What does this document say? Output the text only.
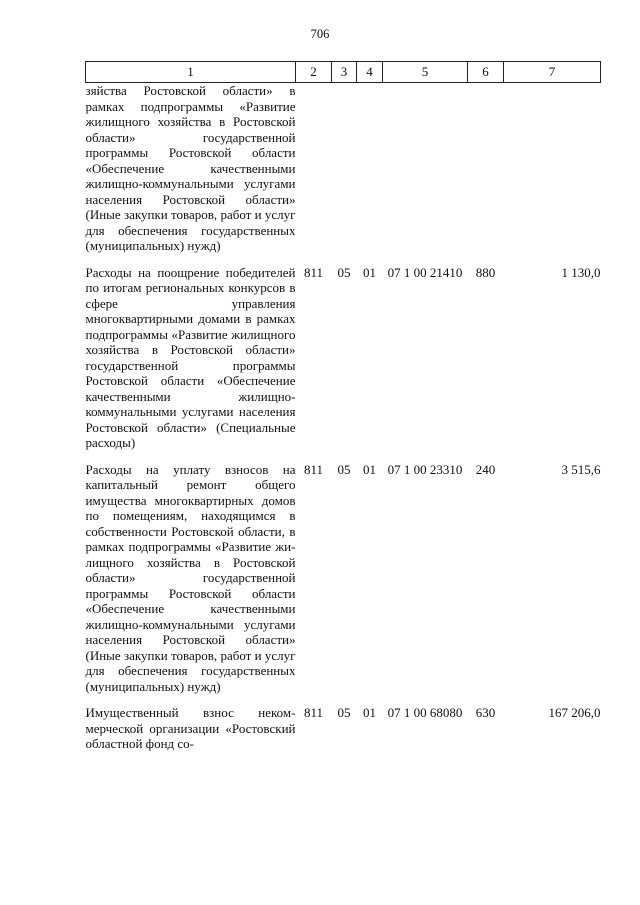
706
1	2	3	4	5	6	7
зяйства Ростовской области» в рамках подпрограммы «Развитие жилищного хозяйства в Ростовской области» государственной программы Ростовской области «Обеспечение качественными жилищно-коммунальными услугами населения Ростовской области» (Иные закупки товаров, работ и услуг для обеспечения государственных (муниципальных) нужд)						
Расходы на поощрение победителей по итогам региональных конкурсов в сфере управления многоквартирными домами в рамках подпрограммы «Развитие жилищного хозяйства в Ростовской области» государственной программы Ростовской области «Обеспечение качественными жилищно-коммунальными услугами населения Ростовской области» (Специальные расходы)	811	05	01	07 1 00 21410	880	1 130,0
Расходы на уплату взносов на капитальный ремонт общего имущества многоквартирных домов по помещениям, находящимся в собственности Ростовской области, в рамках подпрограммы «Развитие жилищного хозяйства в Ростовской области» государственной программы Ростовской области «Обеспечение качественными жилищно-коммунальными услугами населения Ростовской области» (Иные закупки товаров, работ и услуг для обеспечения государственных (муниципальных) нужд)	811	05	01	07 1 00 23310	240	3 515,6
Имущественный взнос некоммерческой организации «Ростовский областной фонд со-	811	05	01	07 1 00 68080	630	167 206,0
